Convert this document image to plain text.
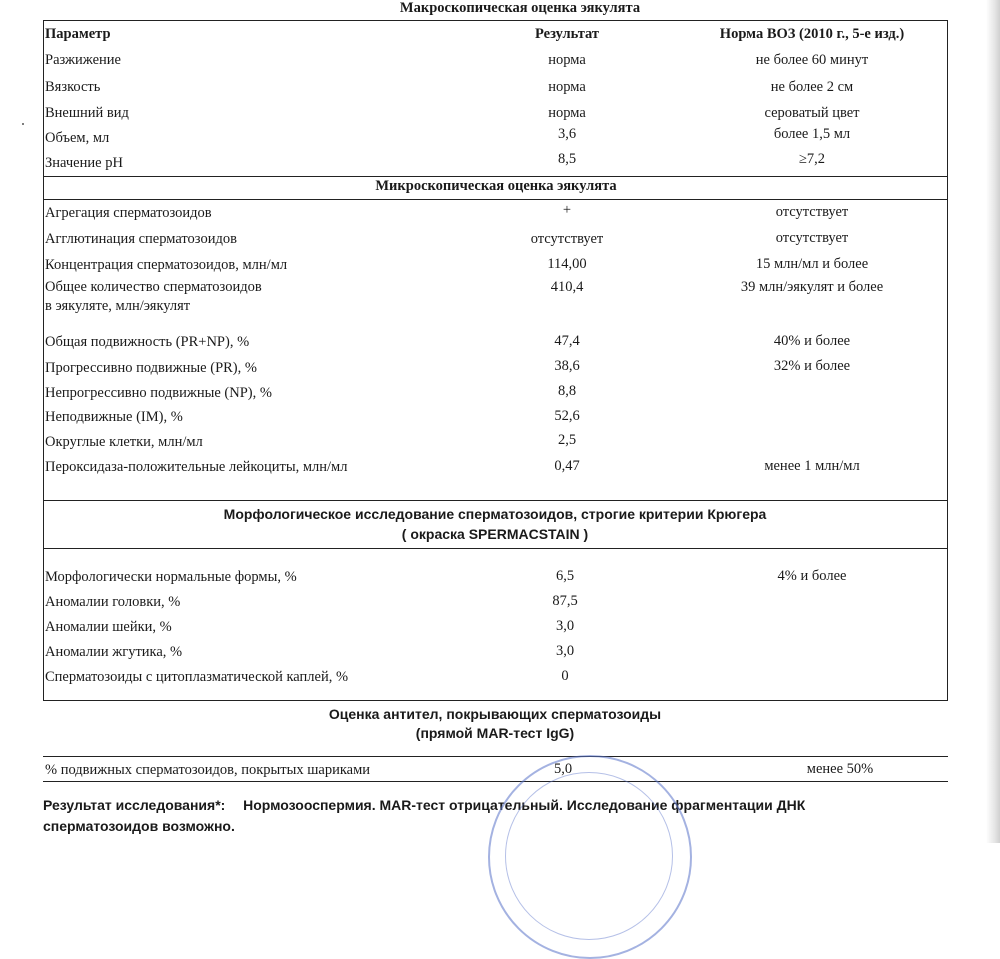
Макроскопическая оценка эякулята
Параметр	Результат	Норма ВОЗ (2010 г., 5-е изд.)
Разжижение	норма	не более 60 минут
Вязкость	норма	не более 2 см
Внешний вид	норма	сероватый цвет
Объем, мл	3,6	более 1,5 мл
Значение pH	8,5	≥7,2
Микроскопическая оценка эякулята
Агрегация сперматозоидов	+	отсутствует
Агглютинация сперматозоидов	отсутствует	отсутствует
Концентрация сперматозоидов, млн/мл	114,00	15 млн/мл и более
Общее количество сперматозоидов
в эякуляте, млн/эякулят
410,4	39 млн/эякулят и более
Общая подвижность (PR+NP), %	47,4	40% и более
Прогрессивно подвижные (PR), %	38,6	32% и более
Непрогрессивно подвижные (NP), %	8,8
Неподвижные (IM), %	52,6
Округлые клетки, млн/мл	2,5
Пероксидаза-положительные лейкоциты, млн/мл	0,47	менее 1 млн/мл
Морфологическое исследование сперматозоидов, строгие критерии Крюгера
( окраска SPERMACSTAIN )
Морфологически нормальные формы, %	6,5	4% и более
Аномалии головки, %	87,5
Аномалии шейки, %	3,0
Аномалии жгутика, %	3,0
Сперматозоиды с цитоплазматической каплей, %	0
Оценка антител, покрывающих сперматозоиды
(прямой MAR-тест IgG)
% подвижных сперматозоидов, покрытых шариками	5,0	менее 50%
Результат исследования*: Нормозооспермия. MAR-тест отрицательный. Исследование фрагментации ДНК
сперматозоидов возможно.
